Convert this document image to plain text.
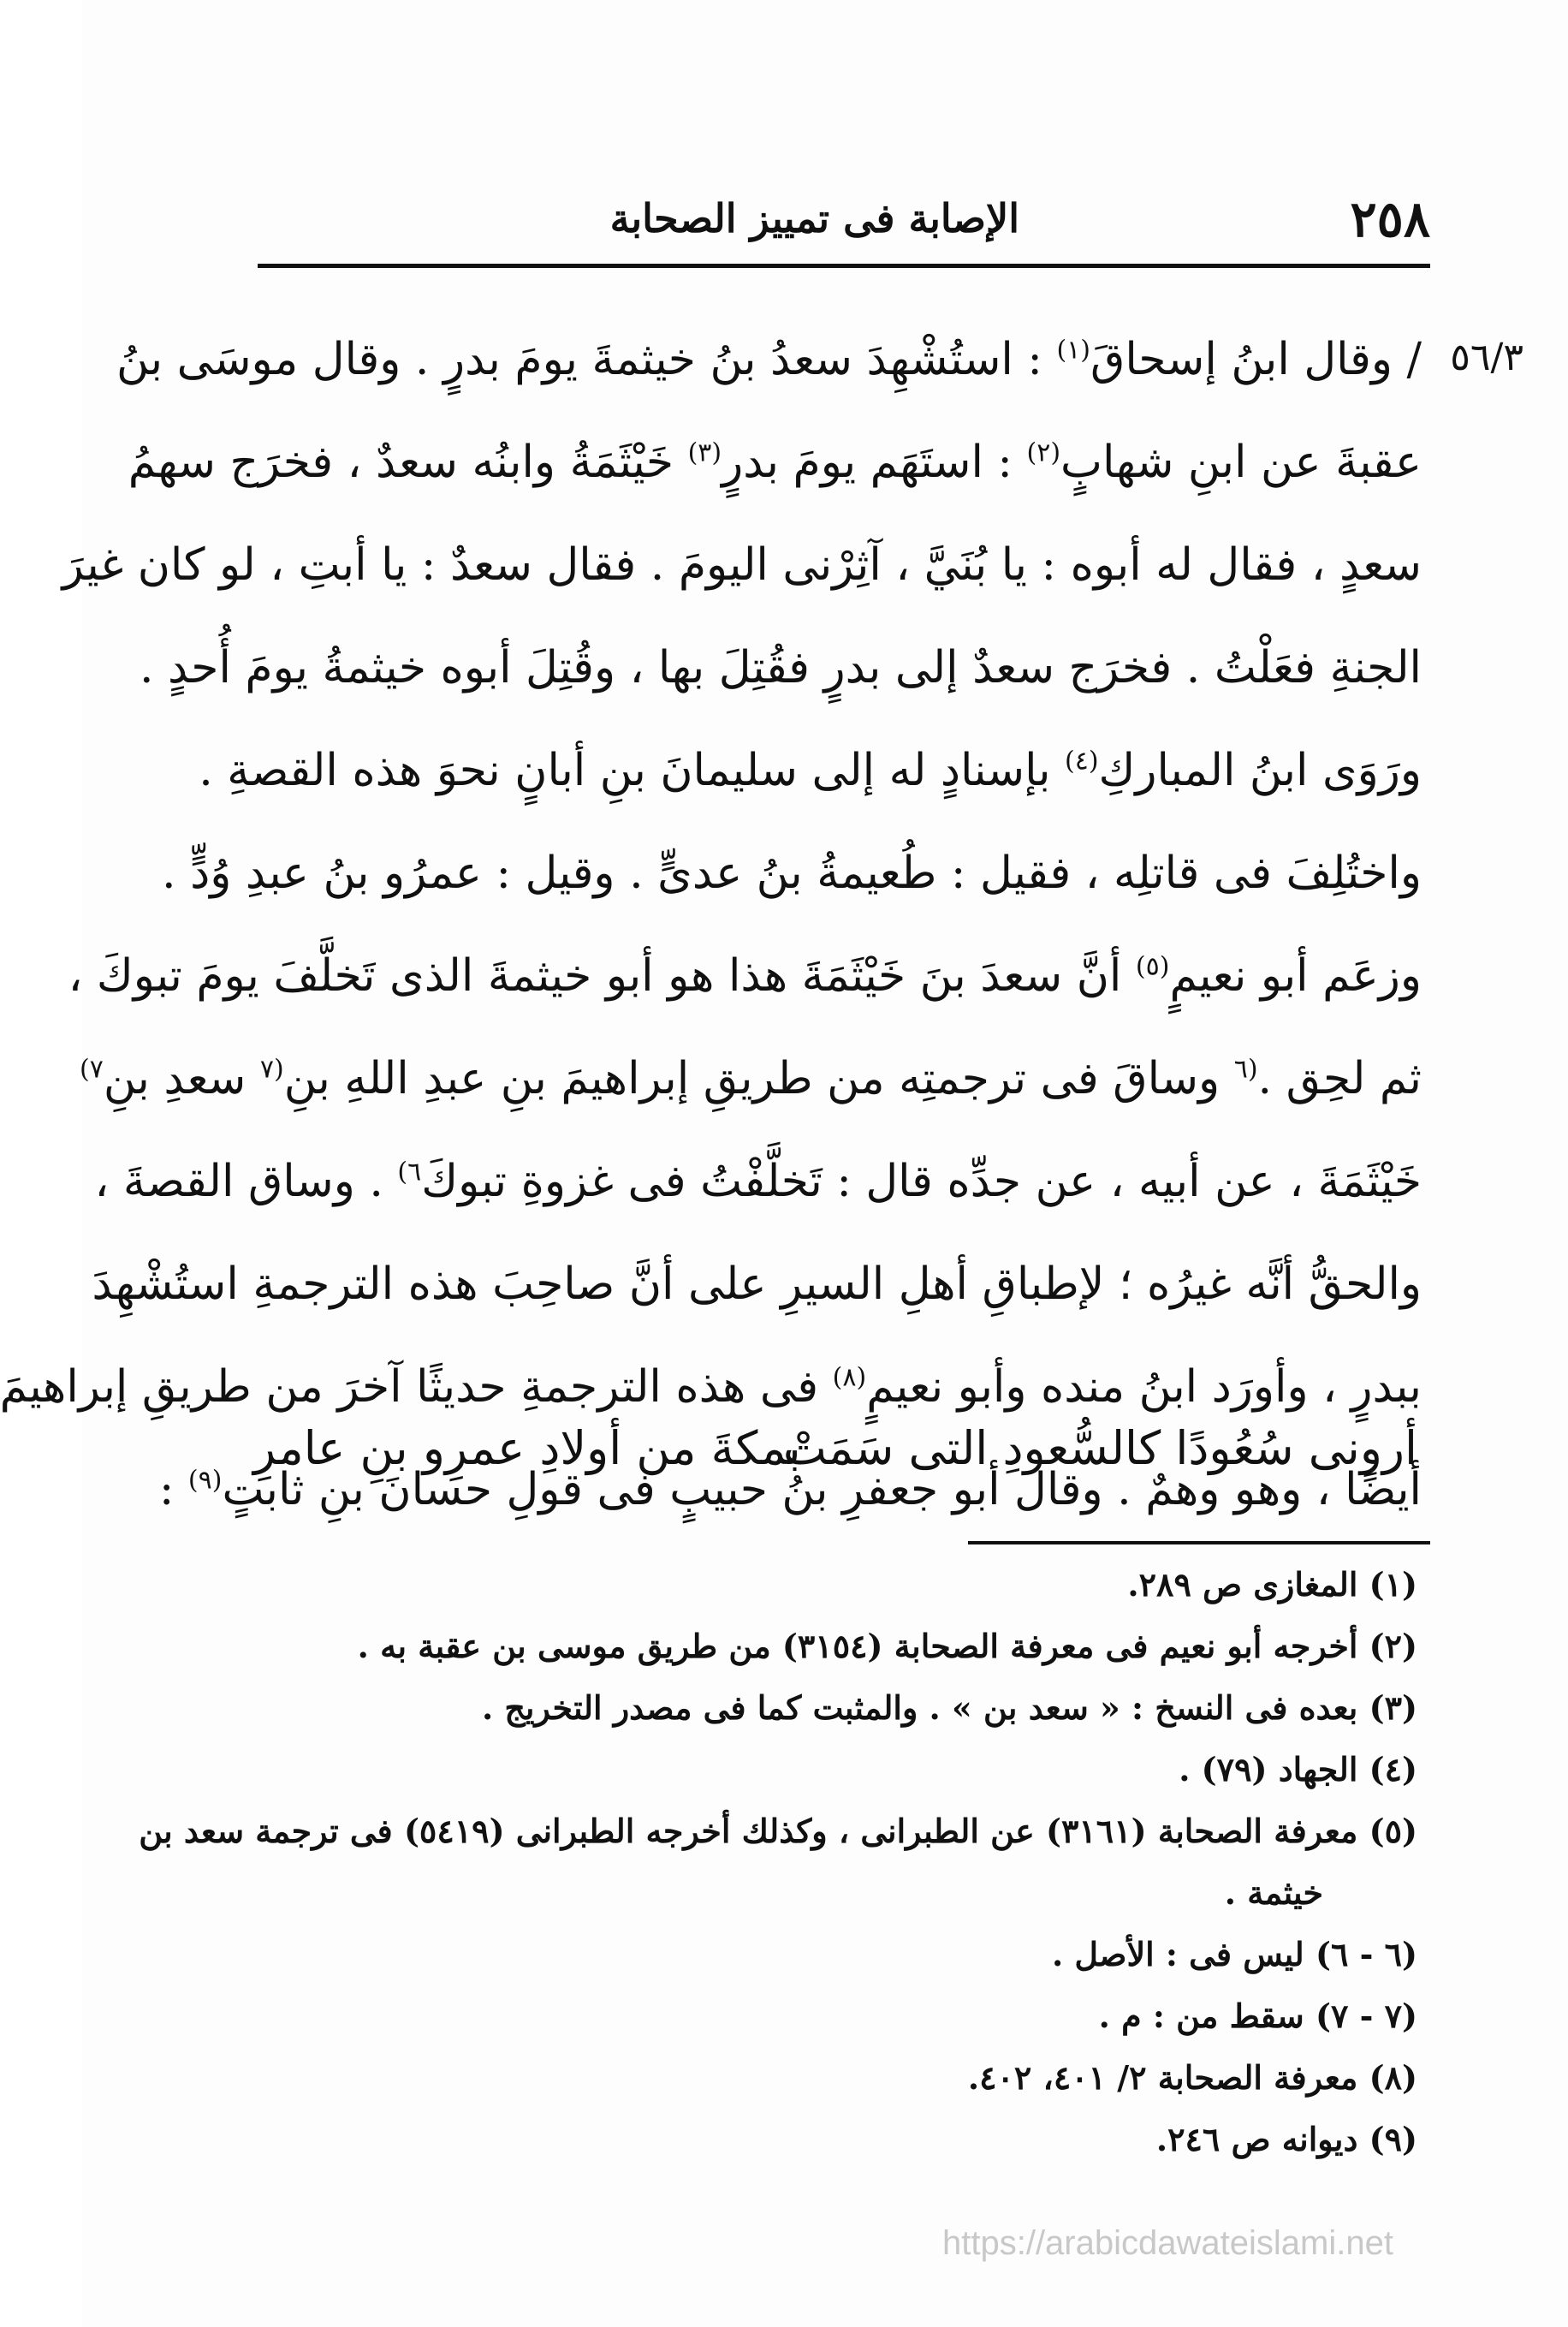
٢٥٨
الإصابة فى تمييز الصحابة
٥٦/٣
/ وقال ابنُ إسحاقَ$^{(١)}$ : استُشْهِدَ سعدُ بنُ خيثمةَ يومَ بدرٍ . وقال موسَى بنُ
عقبةَ عن ابنِ شهابٍ$^{(٢)}$ : استَهَم يومَ بدرٍ$^{(٣)}$ خَيْثَمَةُ وابنُه سعدٌ ، فخرَج سهمُ
سعدٍ ، فقال له أبوه : يا بُنَيَّ ، آثِرْنى اليومَ . فقال سعدٌ : يا أبتِ ، لو كان غيرَ
الجنةِ فعَلْتُ . فخرَج سعدٌ إلى بدرٍ فقُتِلَ بها ، وقُتِلَ أبوه خيثمةُ يومَ أُحدٍ .
ورَوَى ابنُ المباركِ$^{(٤)}$ بإسنادٍ له إلى سليمانَ بنِ أبانٍ نحوَ هذه القصةِ .
واختُلِفَ فى قاتلِه ، فقيل : طُعيمةُ بنُ عدىٍّ . وقيل : عمرُو بنُ عبدِ وُدٍّ .
وزعَم أبو نعيمٍ$^{(٥)}$ أنَّ سعدَ بنَ خَيْثَمَةَ هذا هو أبو خيثمةَ الذى تَخلَّفَ يومَ تبوكَ ،
ثم لحِق .$^{(٦}$ وساقَ فى ترجمتِه من طريقِ إبراهيمَ بنِ عبدِ اللهِ بنِ$^{(٧}$ سعدِ بنِ$^{٧)}$
خَيْثَمَةَ ، عن أبيه ، عن جدِّه قال : تَخلَّفْتُ فى غزوةِ تبوكَ$^{٦)}$ . وساق القصةَ ،
والحقُّ أنَّه غيرُه ؛ لإطباقِ أهلِ السيرِ على أنَّ صاحِبَ هذه الترجمةِ استُشْهِدَ
ببدرٍ ، وأورَد ابنُ منده وأبو نعيمٍ$^{(٨)}$ فى هذه الترجمةِ حديثًا آخرَ من طريقِ إبراهيمَ
أيضًا ، وهو وهمٌ . وقال أبو جعفرِ بنُ حبيبٍ فى قولِ حسانَ بنِ ثابتٍ$^{(٩)}$ :
أرونى سُعُودًا كالسُّعودِ التى سَمَتْ
بمكةَ من أولادِ عمرِو بنِ عامرِ
(١) المغازى ص ٢٨٩.
(٢) أخرجه أبو نعيم فى معرفة الصحابة (٣١٥٤) من طريق موسى بن عقبة به .
(٣) بعده فى النسخ : « سعد بن » . والمثبت كما فى مصدر التخريج .
(٤) الجهاد (٧٩) .
(٥) معرفة الصحابة (٣١٦١) عن الطبرانى ، وكذلك أخرجه الطبرانى (٥٤١٩) فى ترجمة سعد بن
خيثمة .
(٦ - ٦) ليس فى : الأصل .
(٧ - ٧) سقط من : م .
(٨) معرفة الصحابة ٢/ ٤٠١، ٤٠٢.
(٩) ديوانه ص ٢٤٦.
https://arabicdawateislami.net
